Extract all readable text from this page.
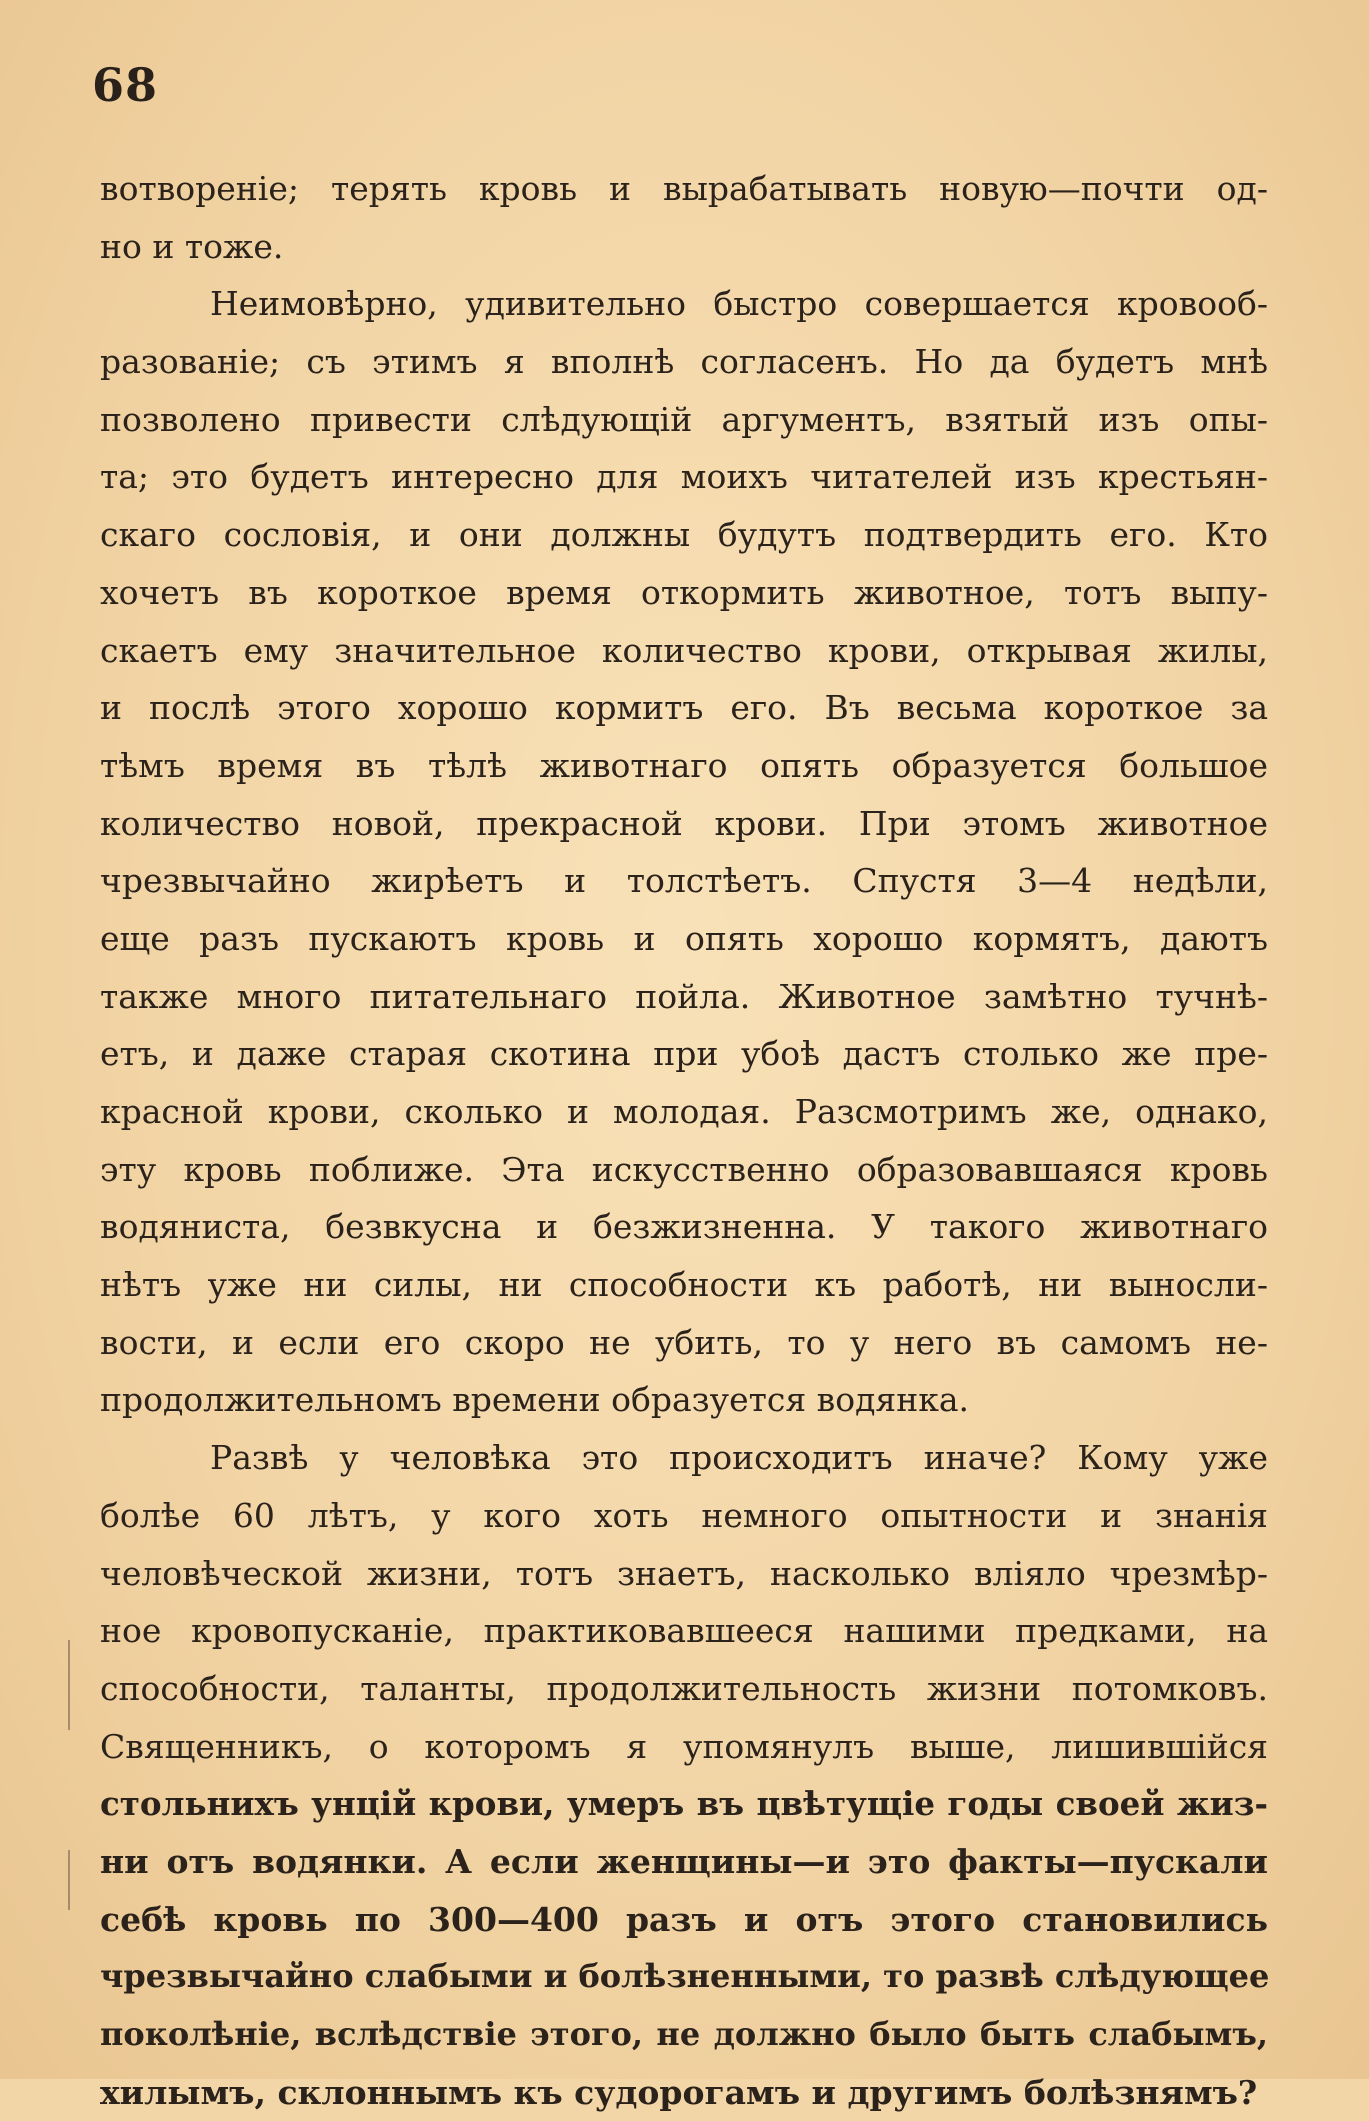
68
вотвореніе; терять кровь и вырабатывать новую—почти од-
но и тоже.
Неимовѣрно, удивительно быстро совершается кровооб-
разованіе; съ этимъ я вполнѣ согласенъ. Но да будетъ мнѣ
позволено привести слѣдующій аргументъ, взятый изъ опы-
та; это будетъ интересно для моихъ читателей изъ крестьян-
скаго сословія, и они должны будутъ подтвердить его. Кто
хочетъ въ короткое время откормить животное, тотъ выпу-
скаетъ ему значительное количество крови, открывая жилы,
и послѣ этого хорошо кормитъ его. Въ весьма короткое за
тѣмъ время въ тѣлѣ животнаго опять образуется большое
количество новой, прекрасной крови. При этомъ животное
чрезвычайно жирѣетъ и толстѣетъ. Спустя 3—4 недѣли,
еще разъ пускаютъ кровь и опять хорошо кормятъ, даютъ
также много питательнаго пойла. Животное замѣтно тучнѣ-
етъ, и даже старая скотина при убоѣ дастъ столько же пре-
красной крови, сколько и молодая. Разсмотримъ же, однако,
эту кровь поближе. Эта искусственно образовавшаяся кровь
водяниста, безвкусна и безжизненна. У такого животнаго
нѣтъ уже ни силы, ни способности къ работѣ, ни выносли-
вости, и если его скоро не убить, то у него въ самомъ не-
продолжительномъ времени образуется водянка.
Развѣ у человѣка это происходитъ иначе? Кому уже
болѣе 60 лѣтъ, у кого хоть немного опытности и знанія
человѣческой жизни, тотъ знаетъ, насколько вліяло чрезмѣр-
ное кровопусканіе, практиковавшееся нашими предками, на
способности, таланты, продолжительность жизни потомковъ.
Священникъ, о которомъ я упомянулъ выше, лишившійся
стольнихъ унцій крови, умеръ въ цвѣтущіе годы своей жиз-
ни отъ водянки. А если женщины—и это факты—пускали
себѣ кровь по 300—400 разъ и отъ этого становились
чрезвычайно слабыми и болѣзненными, то развѣ слѣдующее
поколѣніе, вслѣдствіе этого, не должно было быть слабымъ,
хилымъ, склоннымъ къ судорогамъ и другимъ болѣзнямъ?
